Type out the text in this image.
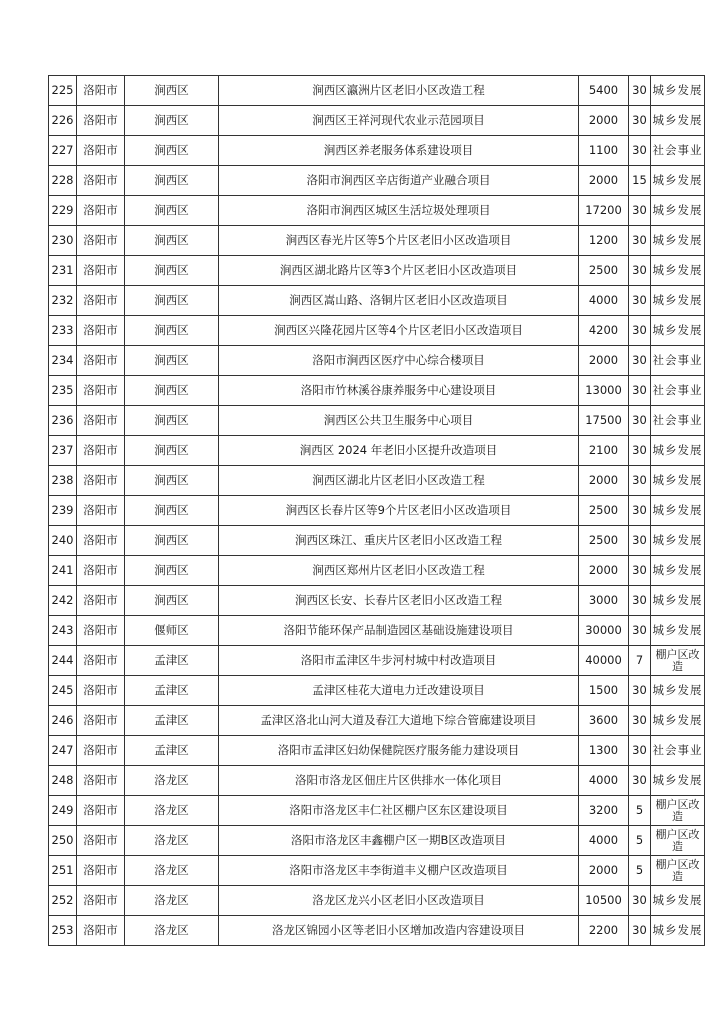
225	洛阳市	涧西区	涧西区瀛洲片区老旧小区改造工程	5400	30	城乡发展
226	洛阳市	涧西区	涧西区王祥河现代农业示范园项目	2000	30	城乡发展
227	洛阳市	涧西区	涧西区养老服务体系建设项目	1100	30	社会事业
228	洛阳市	涧西区	洛阳市涧西区辛店街道产业融合项目	2000	15	城乡发展
229	洛阳市	涧西区	洛阳市涧西区城区生活垃圾处理项目	17200	30	城乡发展
230	洛阳市	涧西区	涧西区春光片区等5个片区老旧小区改造项目	1200	30	城乡发展
231	洛阳市	涧西区	涧西区湖北路片区等3个片区老旧小区改造项目	2500	30	城乡发展
232	洛阳市	涧西区	涧西区嵩山路、洛铜片区老旧小区改造项目	4000	30	城乡发展
233	洛阳市	涧西区	涧西区兴隆花园片区等4个片区老旧小区改造项目	4200	30	城乡发展
234	洛阳市	涧西区	洛阳市涧西区医疗中心综合楼项目	2000	30	社会事业
235	洛阳市	涧西区	洛阳市竹林溪谷康养服务中心建设项目	13000	30	社会事业
236	洛阳市	涧西区	涧西区公共卫生服务中心项目	17500	30	社会事业
237	洛阳市	涧西区	涧西区 2024 年老旧小区提升改造项目	2100	30	城乡发展
238	洛阳市	涧西区	涧西区湖北片区老旧小区改造工程	2000	30	城乡发展
239	洛阳市	涧西区	涧西区长春片区等9个片区老旧小区改造项目	2500	30	城乡发展
240	洛阳市	涧西区	涧西区珠江、重庆片区老旧小区改造工程	2500	30	城乡发展
241	洛阳市	涧西区	涧西区郑州片区老旧小区改造工程	2000	30	城乡发展
242	洛阳市	涧西区	涧西区长安、长春片区老旧小区改造工程	3000	30	城乡发展
243	洛阳市	偃师区	洛阳节能环保产品制造园区基础设施建设项目	30000	30	城乡发展
244	洛阳市	孟津区	洛阳市孟津区牛步河村城中村改造项目	40000	7	棚户区改造
245	洛阳市	孟津区	孟津区桂花大道电力迁改建设项目	1500	30	城乡发展
246	洛阳市	孟津区	孟津区洛北山河大道及春江大道地下综合管廊建设项目	3600	30	城乡发展
247	洛阳市	孟津区	洛阳市孟津区妇幼保健院医疗服务能力建设项目	1300	30	社会事业
248	洛阳市	洛龙区	洛阳市洛龙区佃庄片区供排水一体化项目	4000	30	城乡发展
249	洛阳市	洛龙区	洛阳市洛龙区丰仁社区棚户区东区建设项目	3200	5	棚户区改造
250	洛阳市	洛龙区	洛阳市洛龙区丰鑫棚户区一期B区改造项目	4000	5	棚户区改造
251	洛阳市	洛龙区	洛阳市洛龙区丰李街道丰义棚户区改造项目	2000	5	棚户区改造
252	洛阳市	洛龙区	洛龙区龙兴小区老旧小区改造项目	10500	30	城乡发展
253	洛阳市	洛龙区	洛龙区锦园小区等老旧小区增加改造内容建设项目	2200	30	城乡发展
